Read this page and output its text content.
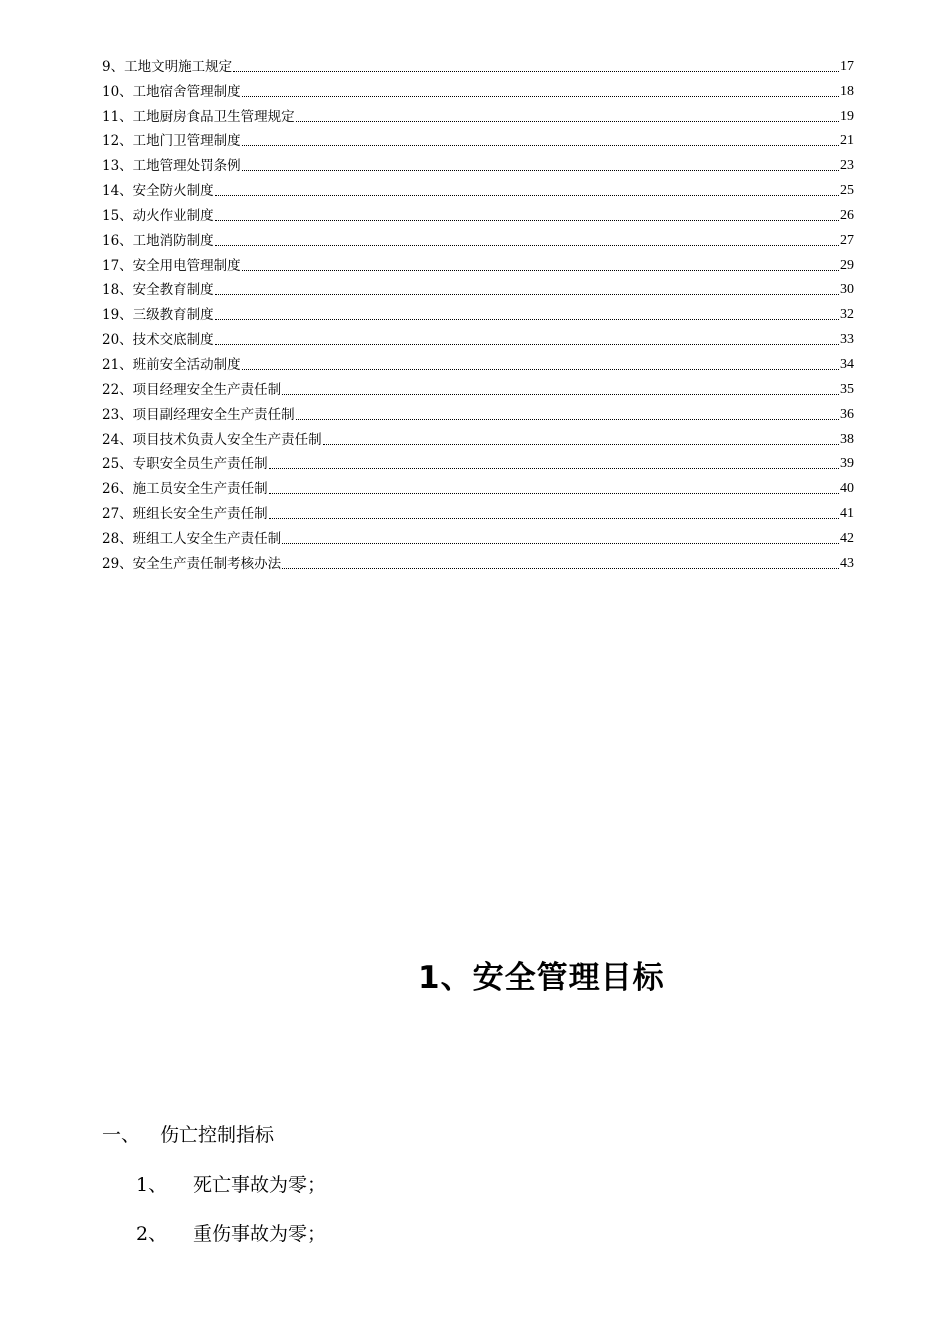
9、工地文明施工规定	17
10、工地宿舍管理制度	18
11、工地厨房食品卫生管理规定	19
12、工地门卫管理制度	21
13、工地管理处罚条例	23
14、安全防火制度	25
15、动火作业制度	26
16、工地消防制度	27
17、安全用电管理制度	29
18、安全教育制度	30
19、三级教育制度	32
20、技术交底制度	33
21、班前安全活动制度	34
22、项目经理安全生产责任制	35
23、项目副经理安全生产责任制	36
24、项目技术负责人安全生产责任制	38
25、专职安全员生产责任制	39
26、施工员安全生产责任制	40
27、班组长安全生产责任制	41
28、班组工人安全生产责任制	42
29、安全生产责任制考核办法	43
1、安全管理目标
一、 伤亡控制指标
1、 死亡事故为零；
2、 重伤事故为零；
